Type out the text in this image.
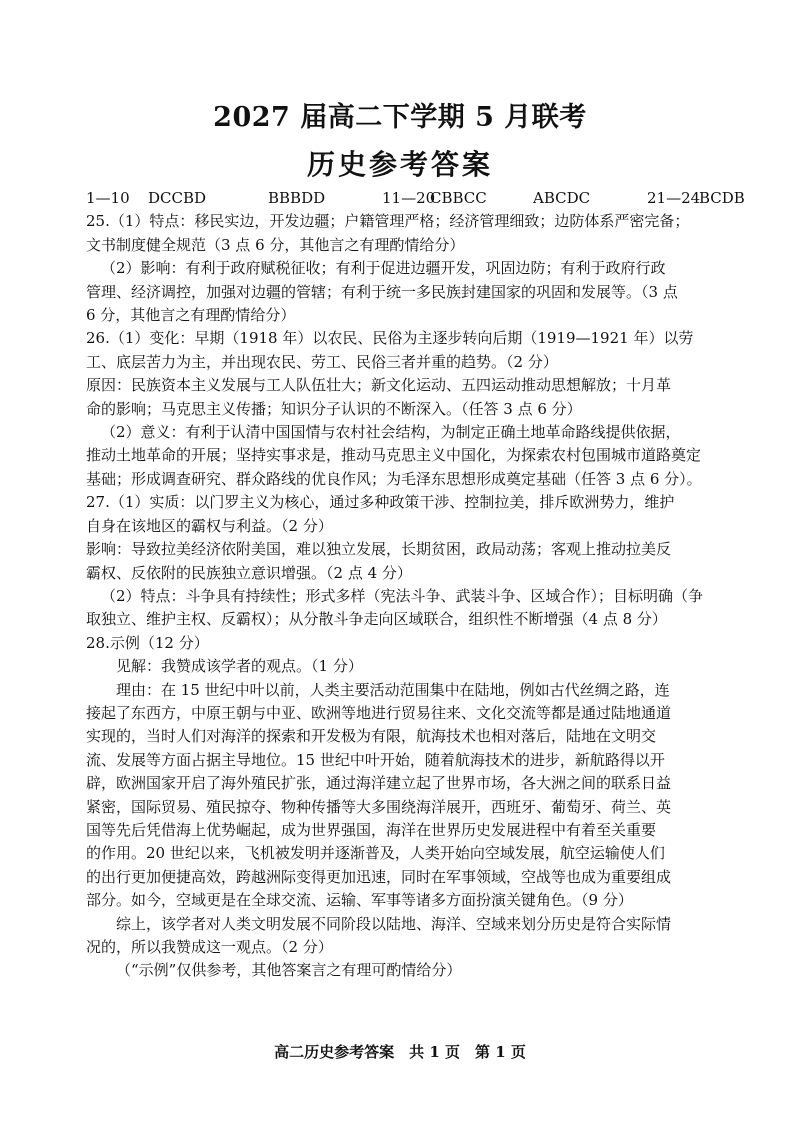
2027 届高二下学期 5 月联考
历史参考答案

1—10 DCCBD	BBBDD	11—20CBBCC	ABCDC	21—24BCDB

25.（1）特点：移民实边，开发边疆；户籍管理严格；经济管理细致；边防体系严密完备；

文书制度健全规范（3 点 6 分，其他言之有理酌情给分）

（2）影响：有利于政府赋税征收；有利于促进边疆开发，巩固边防；有利于政府行政

管理、经济调控，加强对边疆的管辖；有利于统一多民族封建国家的巩固和发展等。（3 点

6 分，其他言之有理酌情给分）

26.（1）变化：早期（1918 年）以农民、民俗为主逐步转向后期（1919—1921 年）以劳

工、底层苦力为主，并出现农民、劳工、民俗三者并重的趋势。（2 分）

原因：民族资本主义发展与工人队伍壮大；新文化运动、五四运动推动思想解放；十月革

命的影响；马克思主义传播；知识分子认识的不断深入。（任答 3 点 6 分）

（2）意义：有利于认清中国国情与农村社会结构，为制定正确土地革命路线提供依据，

推动土地革命的开展；坚持实事求是，推动马克思主义中国化，为探索农村包围城市道路奠定

基础；形成调查研究、群众路线的优良作风；为毛泽东思想形成奠定基础（任答 3 点 6 分）。

27.（1）实质：以门罗主义为核心，通过多种政策干涉、控制拉美，排斥欧洲势力，维护

自身在该地区的霸权与利益。（2 分）

影响：导致拉美经济依附美国，难以独立发展，长期贫困，政局动荡；客观上推动拉美反

霸权、反依附的民族独立意识增强。（2 点 4 分）

（2）特点：斗争具有持续性；形式多样（宪法斗争、武装斗争、区域合作）；目标明确（争

取独立、维护主权、反霸权）；从分散斗争走向区域联合，组织性不断增强（4 点 8 分）

28.示例（12 分）

见解：我赞成该学者的观点。（1 分）

理由：在 15 世纪中叶以前，人类主要活动范围集中在陆地，例如古代丝绸之路，连

接起了东西方，中原王朝与中亚、欧洲等地进行贸易往来、文化交流等都是通过陆地通道

实现的，当时人们对海洋的探索和开发极为有限，航海技术也相对落后，陆地在文明交

流、发展等方面占据主导地位。15 世纪中叶开始，随着航海技术的进步，新航路得以开

辟，欧洲国家开启了海外殖民扩张，通过海洋建立起了世界市场，各大洲之间的联系日益

紧密，国际贸易、殖民掠夺、物种传播等大多围绕海洋展开，西班牙、葡萄牙、荷兰、英

国等先后凭借海上优势崛起，成为世界强国，海洋在世界历史发展进程中有着至关重要

的作用。20 世纪以来，飞机被发明并逐渐普及，人类开始向空域发展，航空运输使人们

的出行更加便捷高效，跨越洲际变得更加迅速，同时在军事领域，空战等也成为重要组成

部分。如今，空域更是在全球交流、运输、军事等诸多方面扮演关键角色。（9 分）

综上，该学者对人类文明发展不同阶段以陆地、海洋、空域来划分历史是符合实际情

况的，所以我赞成这一观点。（2 分）

（“示例”仅供参考，其他答案言之有理可酌情给分）

高二历史参考答案　共 1 页　第 1 页
